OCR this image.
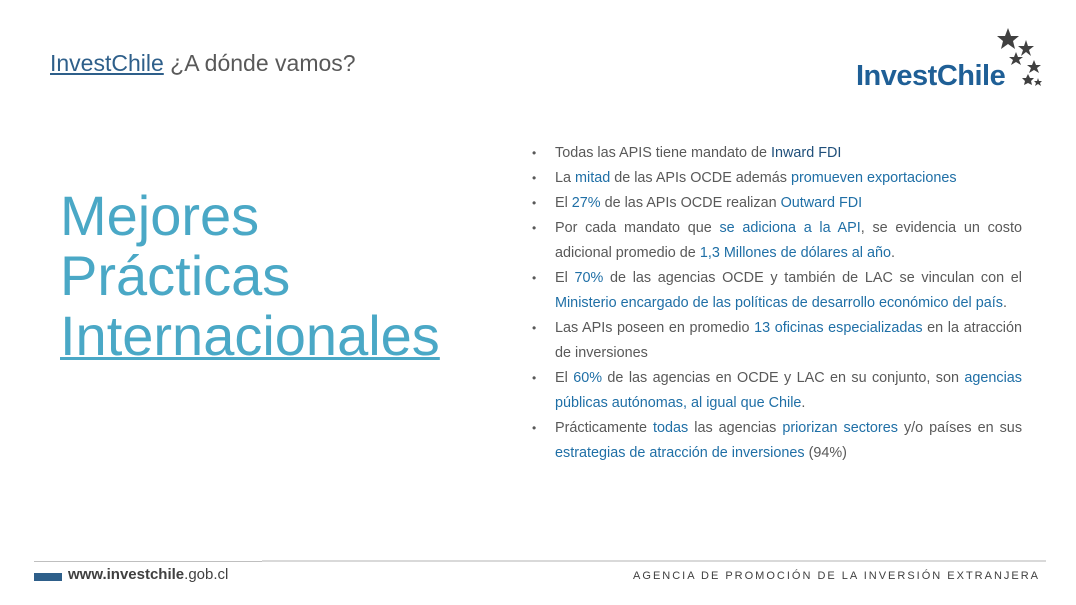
InvestChile ¿A dónde vamos?	InvestChile
Mejores
Prácticas
Internacionales
• Todas las APIS tiene mandato de Inward FDI
• La mitad de las APIs OCDE además promueven exportaciones
• El 27% de las APIs OCDE realizan Outward FDI
• Por cada mandato que se adiciona a la API, se evidencia un costo adicional promedio de 1,3 Millones de dólares al año.
• El 70% de las agencias OCDE y también de LAC se vinculan con el Ministerio encargado de las políticas de desarrollo económico del país.
• Las APIs poseen en promedio 13 oficinas especializadas en la atracción de inversiones
• El 60% de las agencias en OCDE y LAC en su conjunto, son agencias públicas autónomas, al igual que Chile.
• Prácticamente todas las agencias priorizan sectores y/o países en sus estrategias de atracción de inversiones (94%)
www.investchile.gob.cl	AGENCIA DE PROMOCIÓN DE LA INVERSIÓN EXTRANJERA
